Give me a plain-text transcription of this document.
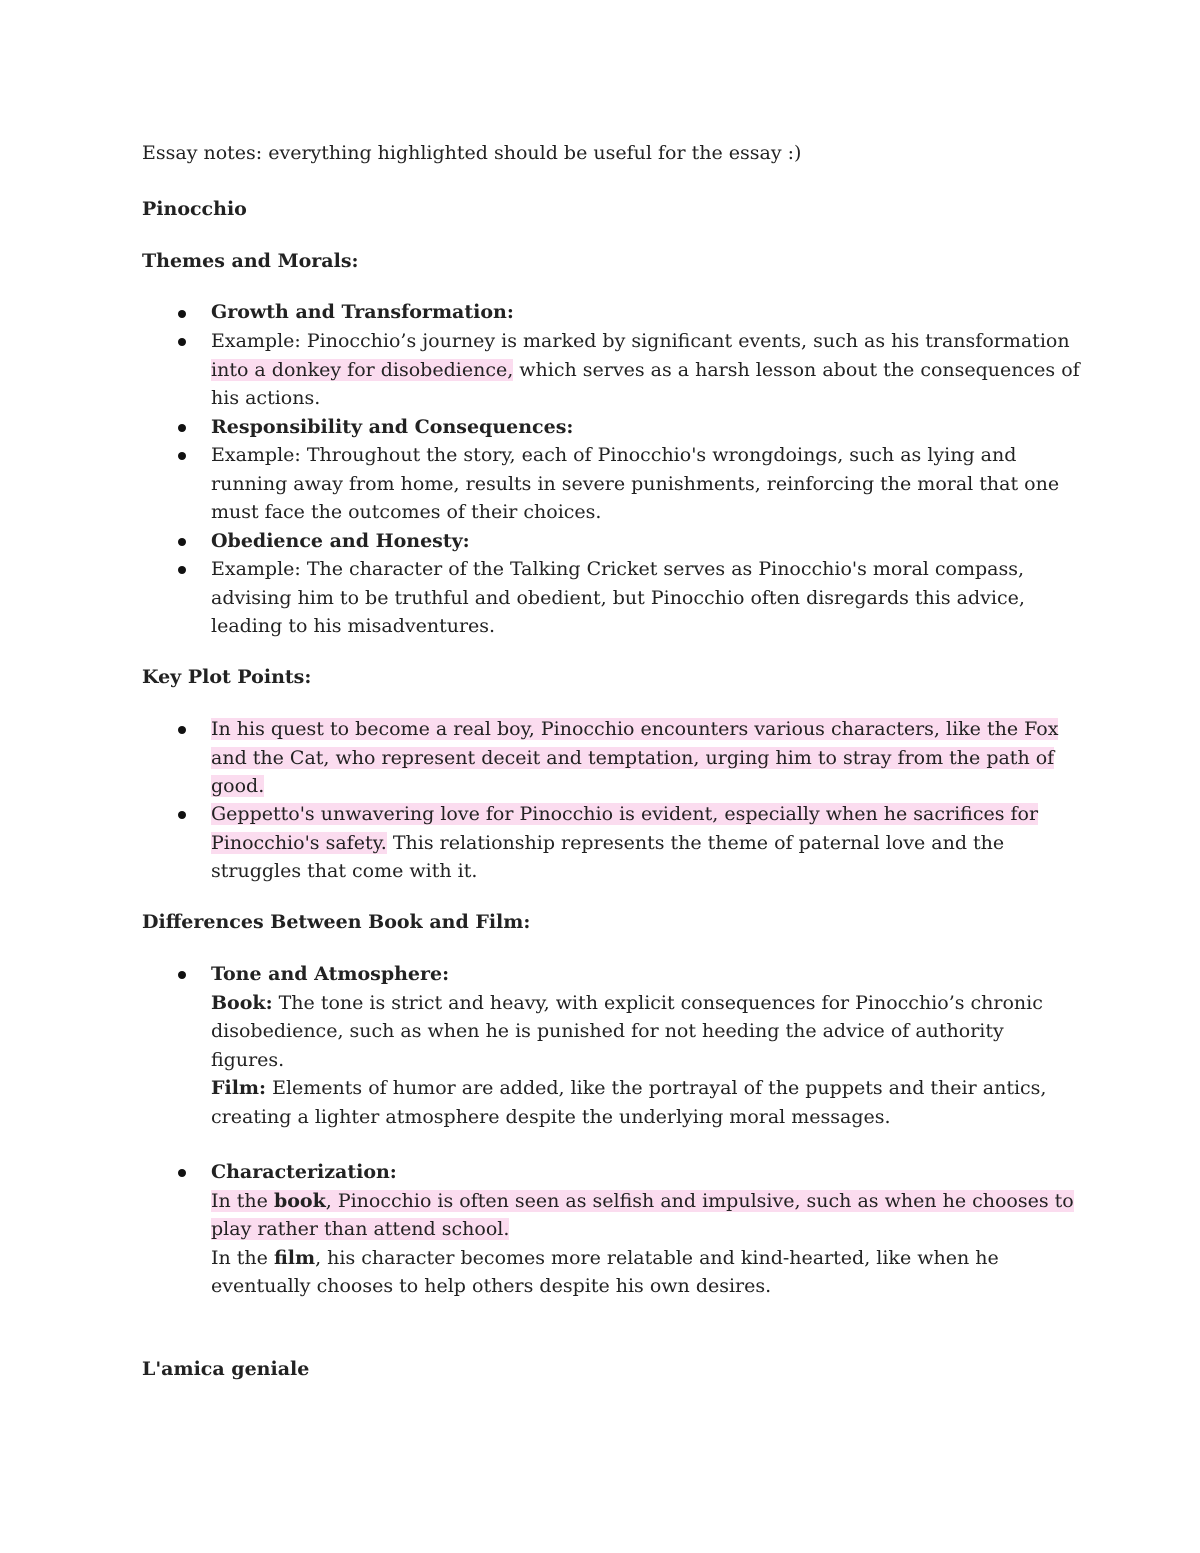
Essay notes: everything highlighted should be useful for the essay :)
Pinocchio
Themes and Morals:
Growth and Transformation:
Example: Pinocchio’s journey is marked by significant events, such as his transformation
into a donkey for disobedience, which serves as a harsh lesson about the consequences of
his actions.
Responsibility and Consequences:
Example: Throughout the story, each of Pinocchio's wrongdoings, such as lying and
running away from home, results in severe punishments, reinforcing the moral that one
must face the outcomes of their choices.
Obedience and Honesty:
Example: The character of the Talking Cricket serves as Pinocchio's moral compass,
advising him to be truthful and obedient, but Pinocchio often disregards this advice,
leading to his misadventures.
Key Plot Points:
In his quest to become a real boy, Pinocchio encounters various characters, like the Fox
and the Cat, who represent deceit and temptation, urging him to stray from the path of
good.
Geppetto's unwavering love for Pinocchio is evident, especially when he sacrifices for
Pinocchio's safety. This relationship represents the theme of paternal love and the
struggles that come with it.
Differences Between Book and Film:
Tone and Atmosphere:
Book: The tone is strict and heavy, with explicit consequences for Pinocchio’s chronic
disobedience, such as when he is punished for not heeding the advice of authority
figures.
Film: Elements of humor are added, like the portrayal of the puppets and their antics,
creating a lighter atmosphere despite the underlying moral messages.
Characterization:
In the book, Pinocchio is often seen as selfish and impulsive, such as when he chooses to
play rather than attend school.
In the film, his character becomes more relatable and kind-hearted, like when he
eventually chooses to help others despite his own desires.
L'amica geniale
